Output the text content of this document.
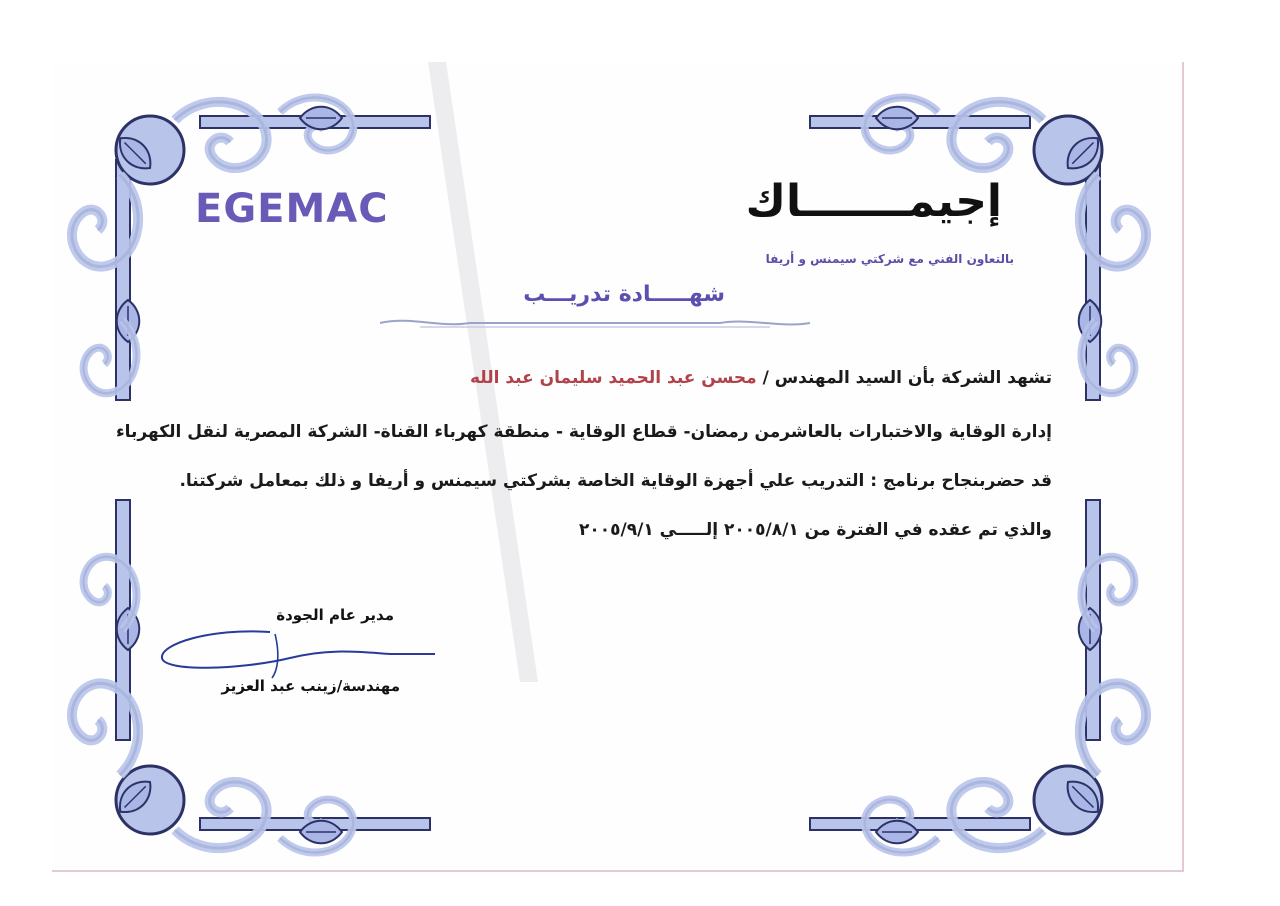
EGEMAC	إجيمـــــــاك
بالتعاون الفني مع شركتي سيمنس و أريفا
شهـــــادة تدريـــب
تشهد الشركة بأن السيد المهندس / محسن عبد الحميد سليمان عبد الله
إدارة الوقاية والاختبارات بالعاشرمن رمضان- قطاع الوقاية - منطقة كهرباء القناة- الشركة المصرية لنقل الكهرباء
قد حضربنجاح برنامج : التدريب علي أجهزة الوقاية الخاصة بشركتي سيمنس و أريفا و ذلك بمعامل شركتنا.
والذي تم عقده في الفترة من ٢٠٠٥/٨/١ إلـــــي ٢٠٠٥/٩/١
مدير عام الجودة
مهندسة/زينب عبد العزيز
